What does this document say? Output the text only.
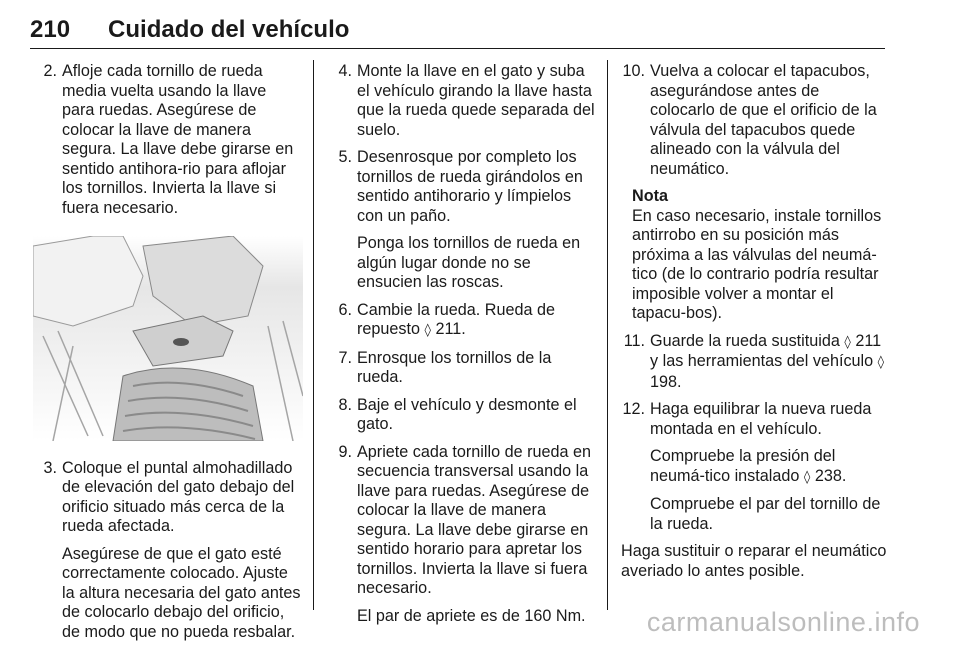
210 Cuidado del vehículo
2. Afloje cada tornillo de rueda media vuelta usando la llave para ruedas. Asegúrese de colocar la llave de manera segura. La llave debe girarse en sentido antihora-rio para aflojar los tornillos. Invierta la llave si fuera necesario.

3. Coloque el puntal almohadillado de elevación del gato debajo del orificio situado más cerca de la rueda afectada.

Asegúrese de que el gato esté correctamente colocado. Ajuste la altura necesaria del gato antes de colocarlo debajo del orificio, de modo que no pueda resbalar.

4. Monte la llave en el gato y suba el vehículo girando la llave hasta que la rueda quede separada del suelo.

5. Desenrosque por completo los tornillos de rueda girándolos en sentido antihorario y límpielos con un paño.

Ponga los tornillos de rueda en algún lugar donde no se ensucien las roscas.

6. Cambie la rueda. Rueda de repuesto ◊ 211.

7. Enrosque los tornillos de la rueda.

8. Baje el vehículo y desmonte el gato.

9. Apriete cada tornillo de rueda en secuencia transversal usando la llave para ruedas. Asegúrese de colocar la llave de manera segura. La llave debe girarse en sentido horario para apretar los tornillos. Invierta la llave si fuera necesario.

El par de apriete es de 160 Nm.

10. Vuelva a colocar el tapacubos, asegurándose antes de colocarlo de que el orificio de la válvula del tapacubos quede alineado con la válvula del neumático.

Nota
En caso necesario, instale tornillos antirrobo en su posición más próxima a las válvulas del neumá-tico (de lo contrario podría resultar imposible volver a montar el tapacu-bos).
11. Guarde la rueda sustituida ◊ 211 y las herramientas del vehículo ◊ 198.

12. Haga equilibrar la nueva rueda montada en el vehículo.

Compruebe la presión del neumá-tico instalado ◊ 238.

Compruebe el par del tornillo de la rueda.

Haga sustituir o reparar el neumático averiado lo antes posible.

carmanualsonline.info
